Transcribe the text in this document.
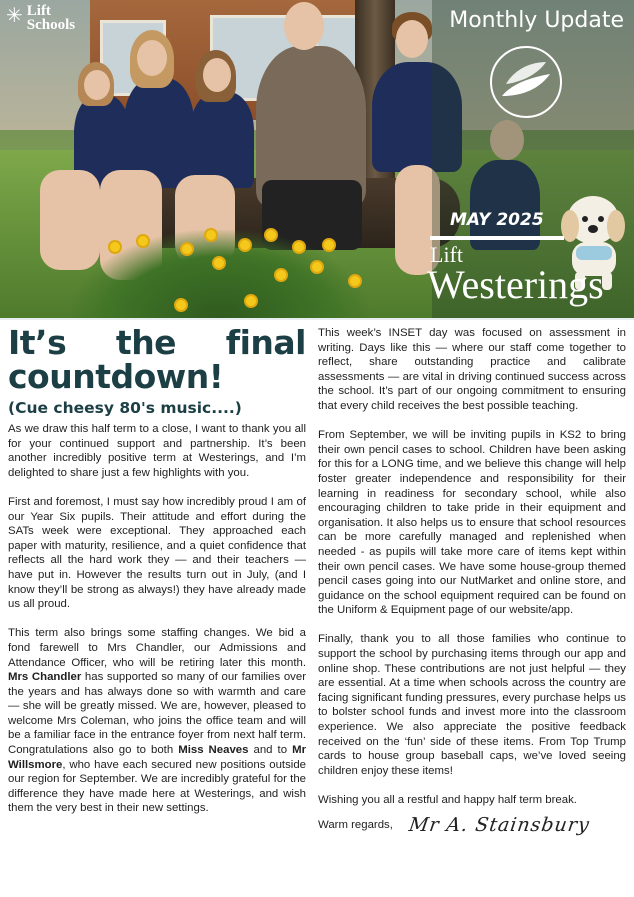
✳ Lift
Schools	Monthly Update
MAY 2025
Lift
Westerings
It’s the final countdown!
(Cue cheesy 80's music....)

As we draw this half term to a close, I want to thank you all for your continued support and partnership. It’s been another incredibly positive term at Westerings, and I’m delighted to share just a few highlights with you.

First and foremost, I must say how incredibly proud I am of our Year Six pupils. Their attitude and effort during the SATs week were exceptional. They approached each paper with maturity, resilience, and a quiet confidence that reflects all the hard work they — and their teachers — have put in. However the results turn out in July, (and I know they’ll be strong as always!) they have already made us all proud.

This term also brings some staffing changes. We bid a fond farewell to Mrs Chandler, our Admissions and Attendance Officer, who will be retiring later this month. Mrs Chandler has supported so many of our families over the years and has always done so with warmth and care — she will be greatly missed. We are, however, pleased to welcome Mrs Coleman, who joins the office team and will be a familiar face in the entrance foyer from next half term. Congratulations also go to both Miss Neaves and to Mr Willsmore, who have each secured new positions outside our region for September. We are incredibly grateful for the difference they have made here at Westerings, and wish them the very best in their new settings.

This week’s INSET day was focused on assessment in writing. Days like this — where our staff come together to reflect, share outstanding practice and calibrate assessments — are vital in driving continued success across the school. It’s part of our ongoing commitment to ensuring that every child receives the best possible teaching.

From September, we will be inviting pupils in KS2 to bring their own pencil cases to school. Children have been asking for this for a LONG time, and we believe this change will help foster greater independence and responsibility for their learning in readiness for secondary school, while also encouraging children to take pride in their equipment and organisation. It also helps us to ensure that school resources can be more carefully managed and replenished when needed - as pupils will take more care of items kept within their own pencil cases. We have some house-group themed pencil cases going into our NutMarket and online store, and guidance on the school equipment required can be found on the Uniform & Equipment page of our website/app.

Finally, thank you to all those families who continue to support the school by purchasing items through our app and online shop. These contributions are not just helpful — they are essential. At a time when schools across the country are facing significant funding pressures, every purchase helps us to bolster school funds and invest more into the classroom experience. We also appreciate the positive feedback received on the ‘fun’ side of these items. From Top Trump cards to house group baseball caps, we’ve loved seeing children enjoy these items!

Wishing you all a restful and happy half term break.

Warm regards, Mr A. Stainsbury
